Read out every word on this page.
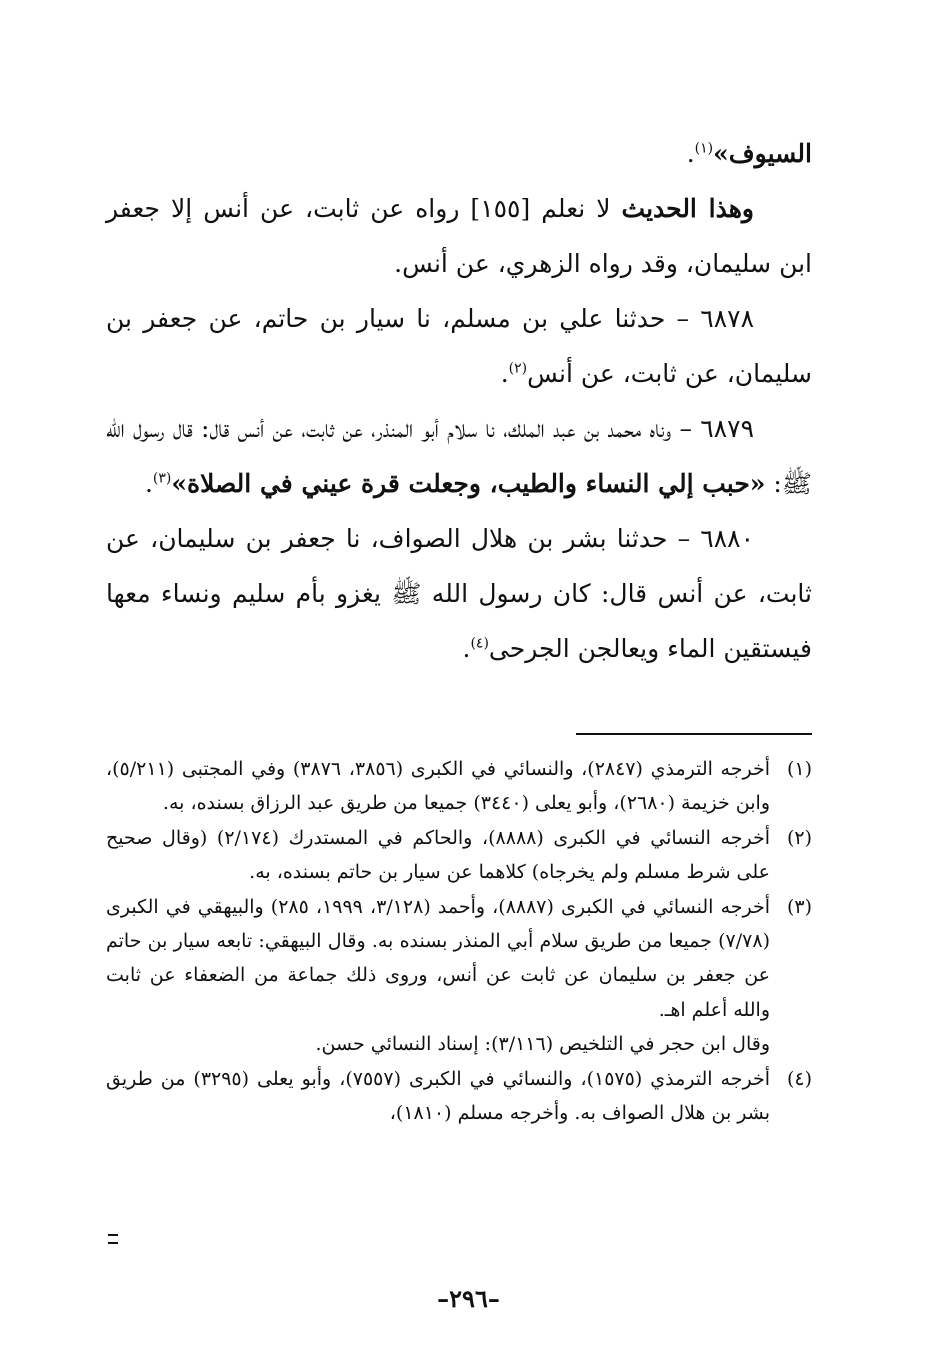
السيوف»$^{(١)}$.

وهذا الحديث لا نعلم [١٥٥] رواه عن ثابت، عن أنس إلا جعفر ابن سليمان، وقد رواه الزهري، عن أنس.

٦٨٧٨ – حدثنا علي بن مسلم، نا سيار بن حاتم، عن جعفر بن سليمان، عن ثابت، عن أنس$^{(٢)}$.

٦٨٧٩ – وناه محمد بن عبد الملك، نا سلام أبو المنذر، عن ثابت، عن أنس قال: قال رسول الله ﷺ: «حبب إلي النساء والطيب، وجعلت قرة عيني في الصلاة»$^{(٣)}$.

٦٨٨٠ – حدثنا بشر بن هلال الصواف، نا جعفر بن سليمان، عن ثابت، عن أنس قال: كان رسول الله ﷺ يغزو بأم سليم ونساء معها فيستقين الماء ويعالجن الجرحى$^{(٤)}$.

(١)

أخرجه الترمذي (٢٨٤٧)، والنسائي في الكبرى (٣٨٥٦، ٣٨٧٦) وفي المجتبى (٥/٢١١)، وابن خزيمة (٢٦٨٠)، وأبو يعلى (٣٤٤٠) جميعا من طريق عبد الرزاق بسنده، به.

(٢)

أخرجه النسائي في الكبرى (٨٨٨٨)، والحاكم في المستدرك (٢/١٧٤) (وقال صحيح على شرط مسلم ولم يخرجاه) كلاهما عن سيار بن حاتم بسنده، به.

(٣)

أخرجه النسائي في الكبرى (٨٨٨٧)، وأحمد (٣/١٢٨، ١٩٩٩، ٢٨٥) والبيهقي في الكبرى (٧/٧٨) جميعا من طريق سلام أبي المنذر بسنده به. وقال البيهقي: تابعه سيار بن حاتم عن جعفر بن سليمان عن ثابت عن أنس، وروى ذلك جماعة من الضعفاء عن ثابت والله أعلم اهـ.

وقال ابن حجر في التلخيص (٣/١١٦): إسناد النسائي حسن.

(٤)

أخرجه الترمذي (١٥٧٥)، والنسائي في الكبرى (٧٥٥٧)، وأبو يعلى (٣٢٩٥) من طريق بشر بن هلال الصواف به. وأخرجه مسلم (١٨١٠)،

–٢٩٦–
